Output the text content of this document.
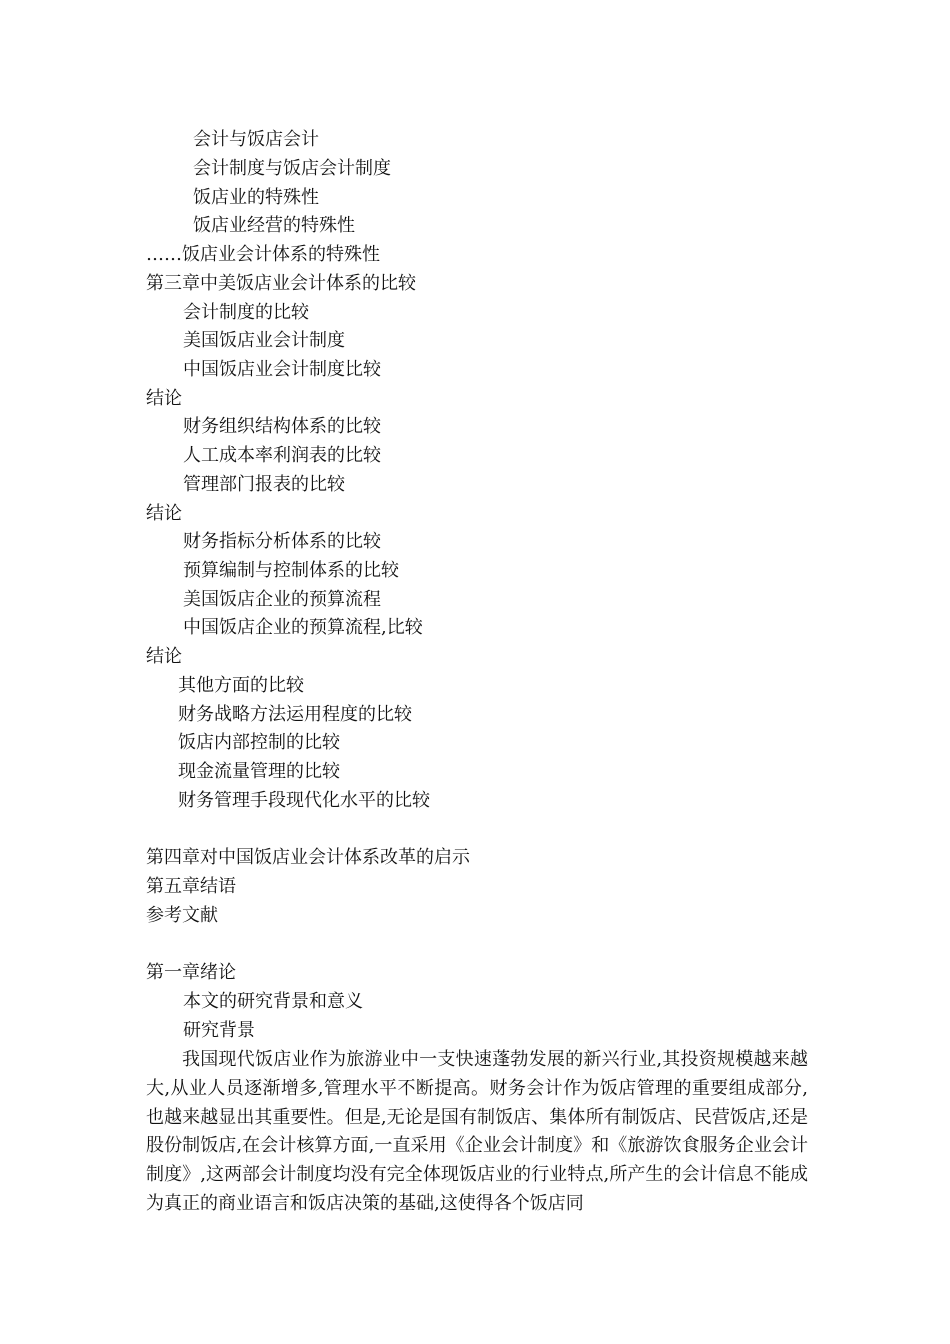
会计与饭店会计
会计制度与饭店会计制度
饭店业的特殊性
饭店业经营的特殊性
……饭店业会计体系的特殊性
第三章中美饭店业会计体系的比较
会计制度的比较
美国饭店业会计制度
中国饭店业会计制度比较
结论
财务组织结构体系的比较
人工成本率利润表的比较
管理部门报表的比较
结论
财务指标分析体系的比较
预算编制与控制体系的比较
美国饭店企业的预算流程
中国饭店企业的预算流程,比较
结论
其他方面的比较
财务战略方法运用程度的比较
饭店内部控制的比较
现金流量管理的比较
财务管理手段现代化水平的比较
第四章对中国饭店业会计体系改革的启示
第五章结语
参考文献
第一章绪论
本文的研究背景和意义
研究背景
我国现代饭店业作为旅游业中一支快速蓬勃发展的新兴行业,其投资规模越来越大,从业人员逐渐增多,管理水平不断提高。财务会计作为饭店管理的重要组成部分,也越来越显出其重要性。但是,无论是国有制饭店、集体所有制饭店、民营饭店,还是股份制饭店,在会计核算方面,一直采用《企业会计制度》和《旅游饮食服务企业会计制度》,这两部会计制度均没有完全体现饭店业的行业特点,所产生的会计信息不能成为真正的商业语言和饭店决策的基础,这使得各个饭店同
